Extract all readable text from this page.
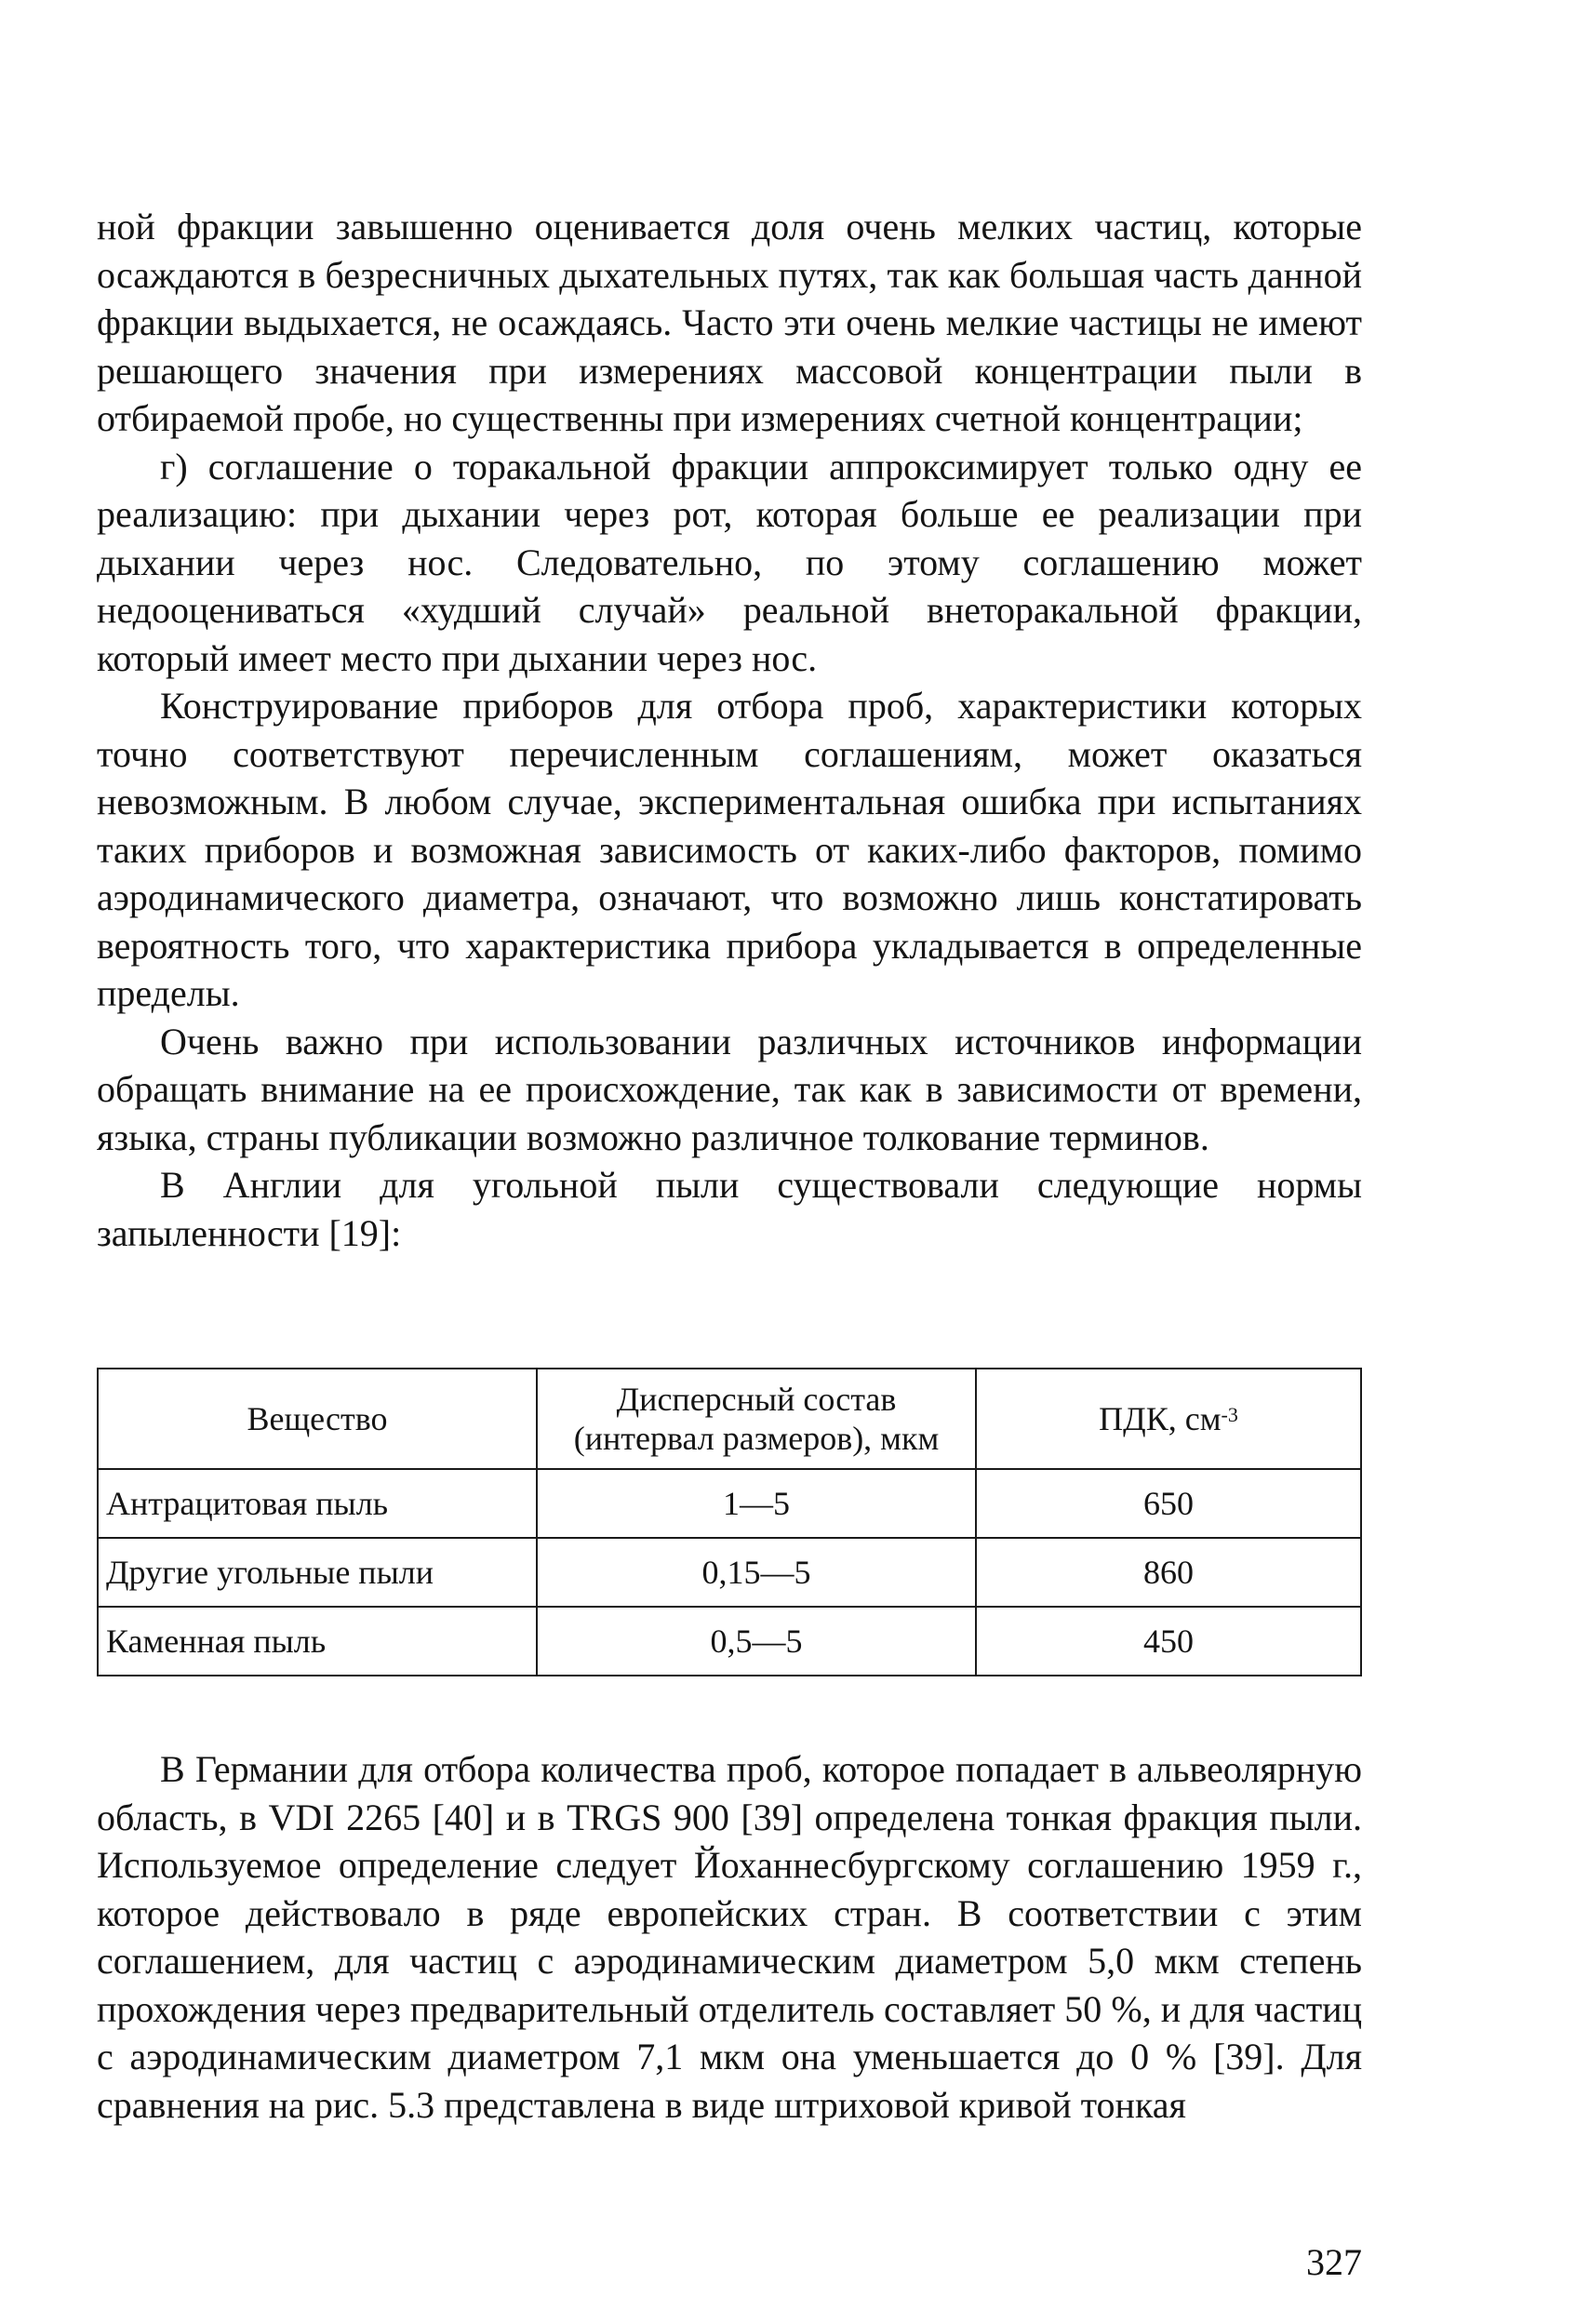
ной фракции завышенно оценивается доля очень мелких частиц, которые осаждаются в безресничных дыхательных путях, так как большая часть данной фракции выдыхается, не осаждаясь. Часто эти очень мелкие частицы не имеют решающего значения при измерениях массовой концентрации пыли в отбираемой пробе, но существенны при измерениях счетной концентрации;

г) соглашение о торакальной фракции аппроксимирует только одну ее реализацию: при дыхании через рот, которая больше ее реализации при дыхании через нос. Следовательно, по этому соглашению может недооцениваться «худший случай» реальной внеторакальной фракции, который имеет место при дыхании через нос.

Конструирование приборов для отбора проб, характеристики которых точно соответствуют перечисленным соглашениям, может оказаться невозможным. В любом случае, экспериментальная ошибка при испытаниях таких приборов и возможная зависимость от каких-либо факторов, помимо аэродинамического диаметра, означают, что возможно лишь констатировать вероятность того, что характеристика прибора укладывается в определенные пределы.

Очень важно при использовании различных источников информации обращать внимание на ее происхождение, так как в зависимости от времени, языка, страны публикации возможно различное толкование терминов.

В Англии для угольной пыли существовали следующие нормы запыленности [19]:

Вещество	Дисперсный состав (интервал размеров), мкм	ПДК, $см^{-3}$
Антрацитовая пыль	1—5	650
Другие угольные пыли	0,15—5	860
Каменная пыль	0,5—5	450

В Германии для отбора количества проб, которое попадает в альвеолярную область, в VDI 2265 [40] и в TRGS 900 [39] определена тонкая фракция пыли. Используемое определение следует Йоханнесбургскому соглашению 1959 г., которое действовало в ряде европейских стран. В соответствии с этим соглашением, для частиц с аэродинамическим диаметром 5,0 мкм степень прохождения через предварительный отделитель составляет 50 %, и для частиц с аэродинамическим диаметром 7,1 мкм она уменьшается до 0 % [39]. Для сравнения на рис. 5.3 представлена в виде штриховой кривой тонкая

327
